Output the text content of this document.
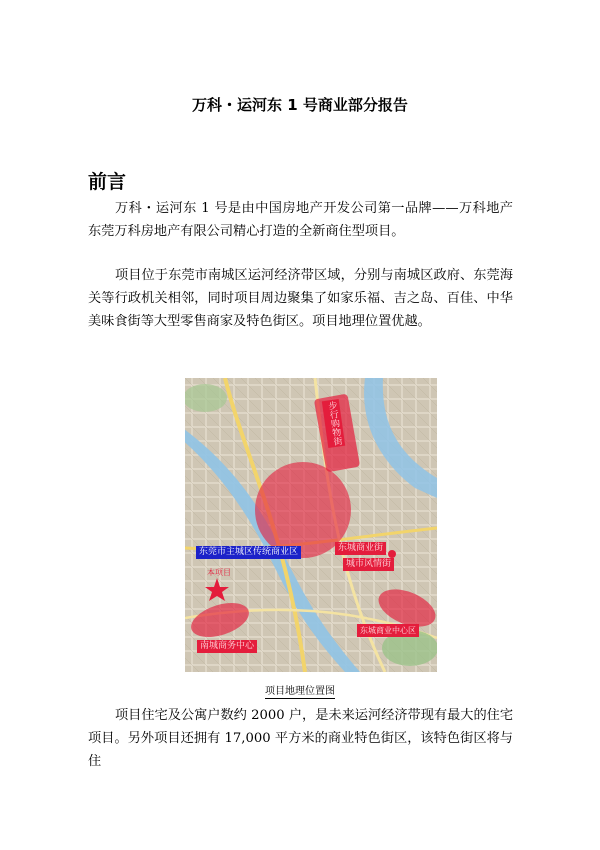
万科・运河东 1 号商业部分报告
前言
万科・运河东 1 号是由中国房地产开发公司第一品牌——万科地产东莞万科房地产有限公司精心打造的全新商住型项目。
项目位于东莞市南城区运河经济带区域，分别与南城区政府、东莞海关等行政机关相邻，同时项目周边聚集了如家乐福、吉之岛、百佳、中华美味食街等大型零售商家及特色街区。项目地理位置优越。
步行购物街
东莞市主城区传统商业区	东城商业街
城市风情街
本项目
南城商务中心
东城商业中心区
项目地理位置图
项目住宅及公寓户数约 2000 户，是未来运河经济带现有最大的住宅项目。另外项目还拥有 17,000 平方米的商业特色街区，该特色街区将与住
